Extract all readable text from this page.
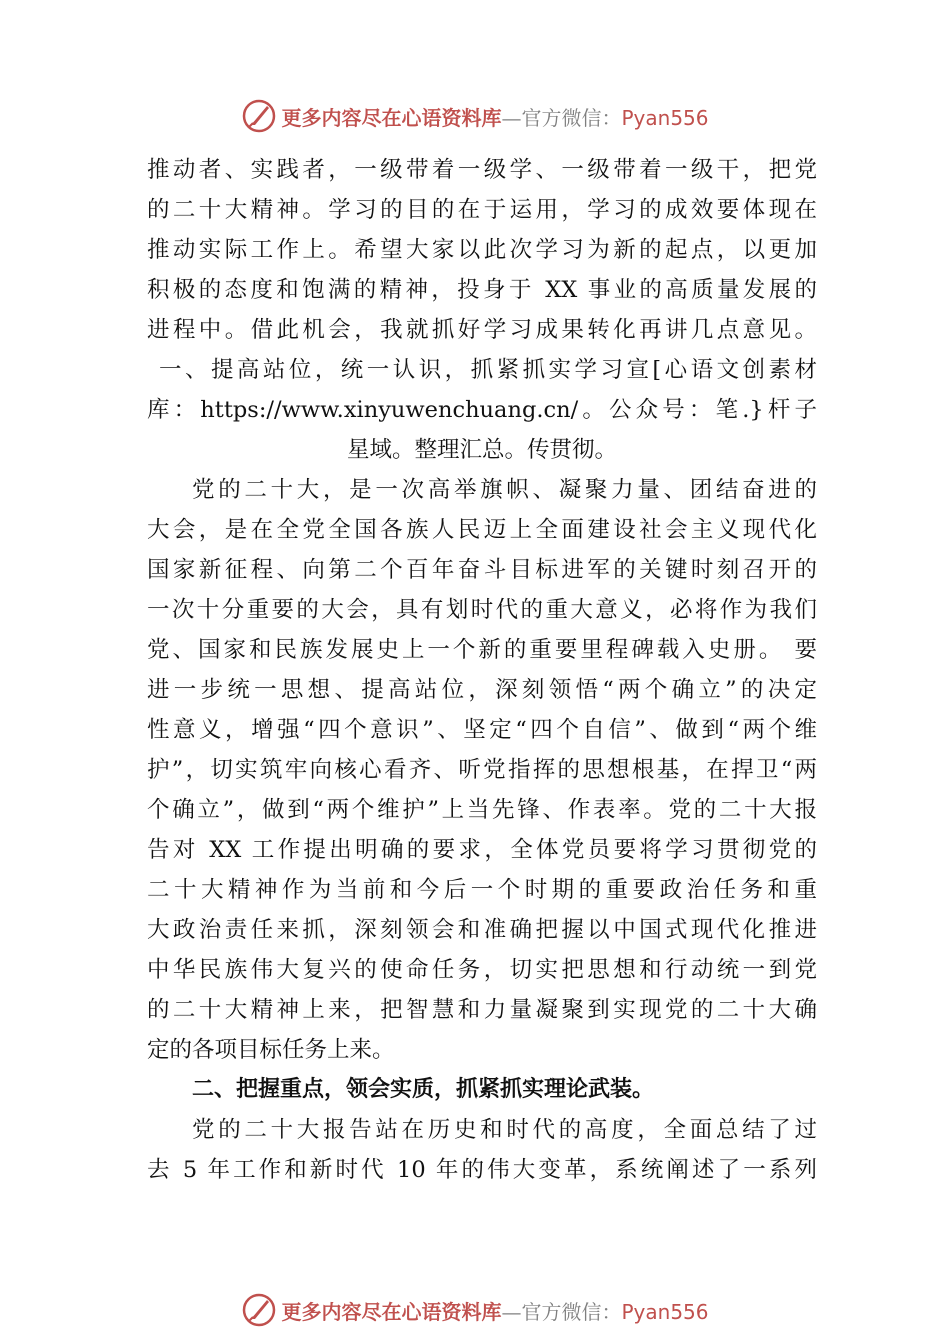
更多内容尽在心语资料库—官方微信：Pyan556
推动者、实践者，一级带着一级学、一级带着一级干，把党
的二十大精神。学习的目的在于运用，学习的成效要体现在
推动实际工作上。希望大家以此次学习为新的起点，以更加
积极的态度和饱满的精神，投身于 XX 事业的高质量发展的
进程中。借此机会，我就抓好学习成果转化再讲几点意见。
一、提高站位，统一认识，抓紧抓实学习宣[心语文创素材
库：https://www.xinyuwenchuang.cn/。公众号：笔.}杆子
星域。整理汇总。传贯彻。
党的二十大，是一次高举旗帜、凝聚力量、团结奋进的
大会，是在全党全国各族人民迈上全面建设社会主义现代化
国家新征程、向第二个百年奋斗目标进军的关键时刻召开的
一次十分重要的大会，具有划时代的重大意义，必将作为我们
党、国家和民族发展史上一个新的重要里程碑载入史册。 要
进一步统一思想、提高站位，深刻领悟“两个确立”的决定
性意义，增强“四个意识”、坚定“四个自信”、做到“两个维
护”，切实筑牢向核心看齐、听党指挥的思想根基，在捍卫“两
个确立”，做到“两个维护”上当先锋、作表率。党的二十大报
告对 XX 工作提出明确的要求，全体党员要将学习贯彻党的
二十大精神作为当前和今后一个时期的重要政治任务和重
大政治责任来抓，深刻领会和准确把握以中国式现代化推进
中华民族伟大复兴的使命任务，切实把思想和行动统一到党
的二十大精神上来，把智慧和力量凝聚到实现党的二十大确
定的各项目标任务上来。
二、把握重点，领会实质，抓紧抓实理论武装。
党的二十大报告站在历史和时代的高度，全面总结了过
去 5 年工作和新时代 10 年的伟大变革，系统阐述了一系列
更多内容尽在心语资料库—官方微信：Pyan556
